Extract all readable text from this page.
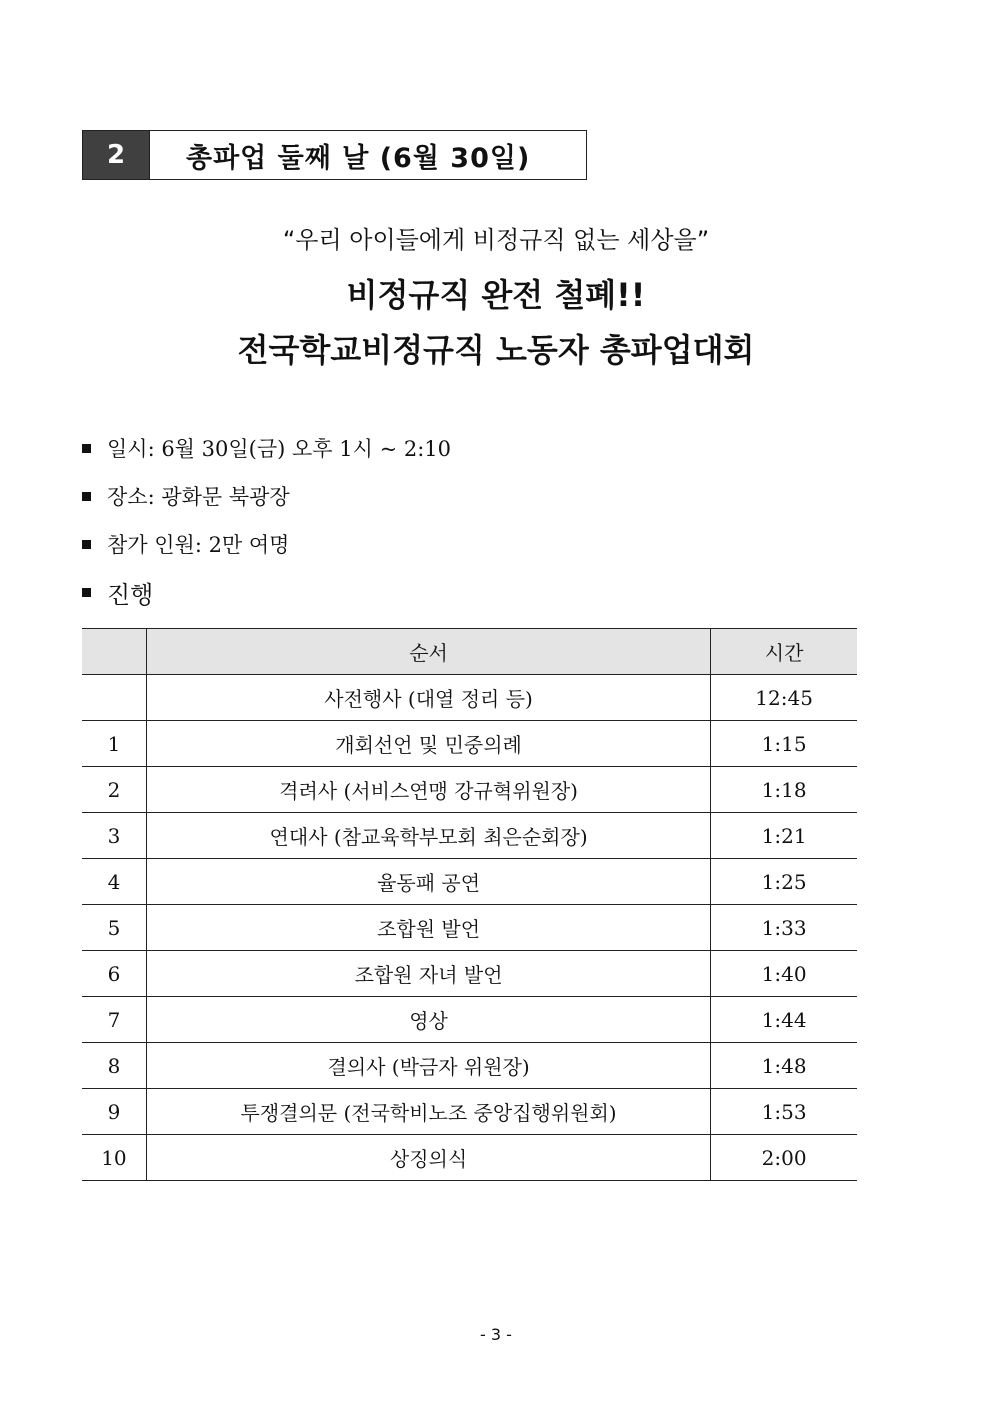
2	총파업 둘째 날 (6월 30일)
“우리 아이들에게 비정규직 없는 세상을”
비정규직 완전 철폐!!
전국학교비정규직 노동자 총파업대회
일시: 6월 30일(금) 오후 1시 ~ 2:10
장소: 광화문 북광장
참가 인원: 2만 여명
진행
	순서	시간
	사전행사 (대열 정리 등)	12:45
1	개회선언 및 민중의례	1:15
2	격려사 (서비스연맹 강규혁위원장)	1:18
3	연대사 (참교육학부모회 최은순회장)	1:21
4	율동패 공연	1:25
5	조합원 발언	1:33
6	조합원 자녀 발언	1:40
7	영상	1:44
8	결의사 (박금자 위원장)	1:48
9	투쟁결의문 (전국학비노조 중앙집행위원회)	1:53
10	상징의식	2:00
- 3 -
